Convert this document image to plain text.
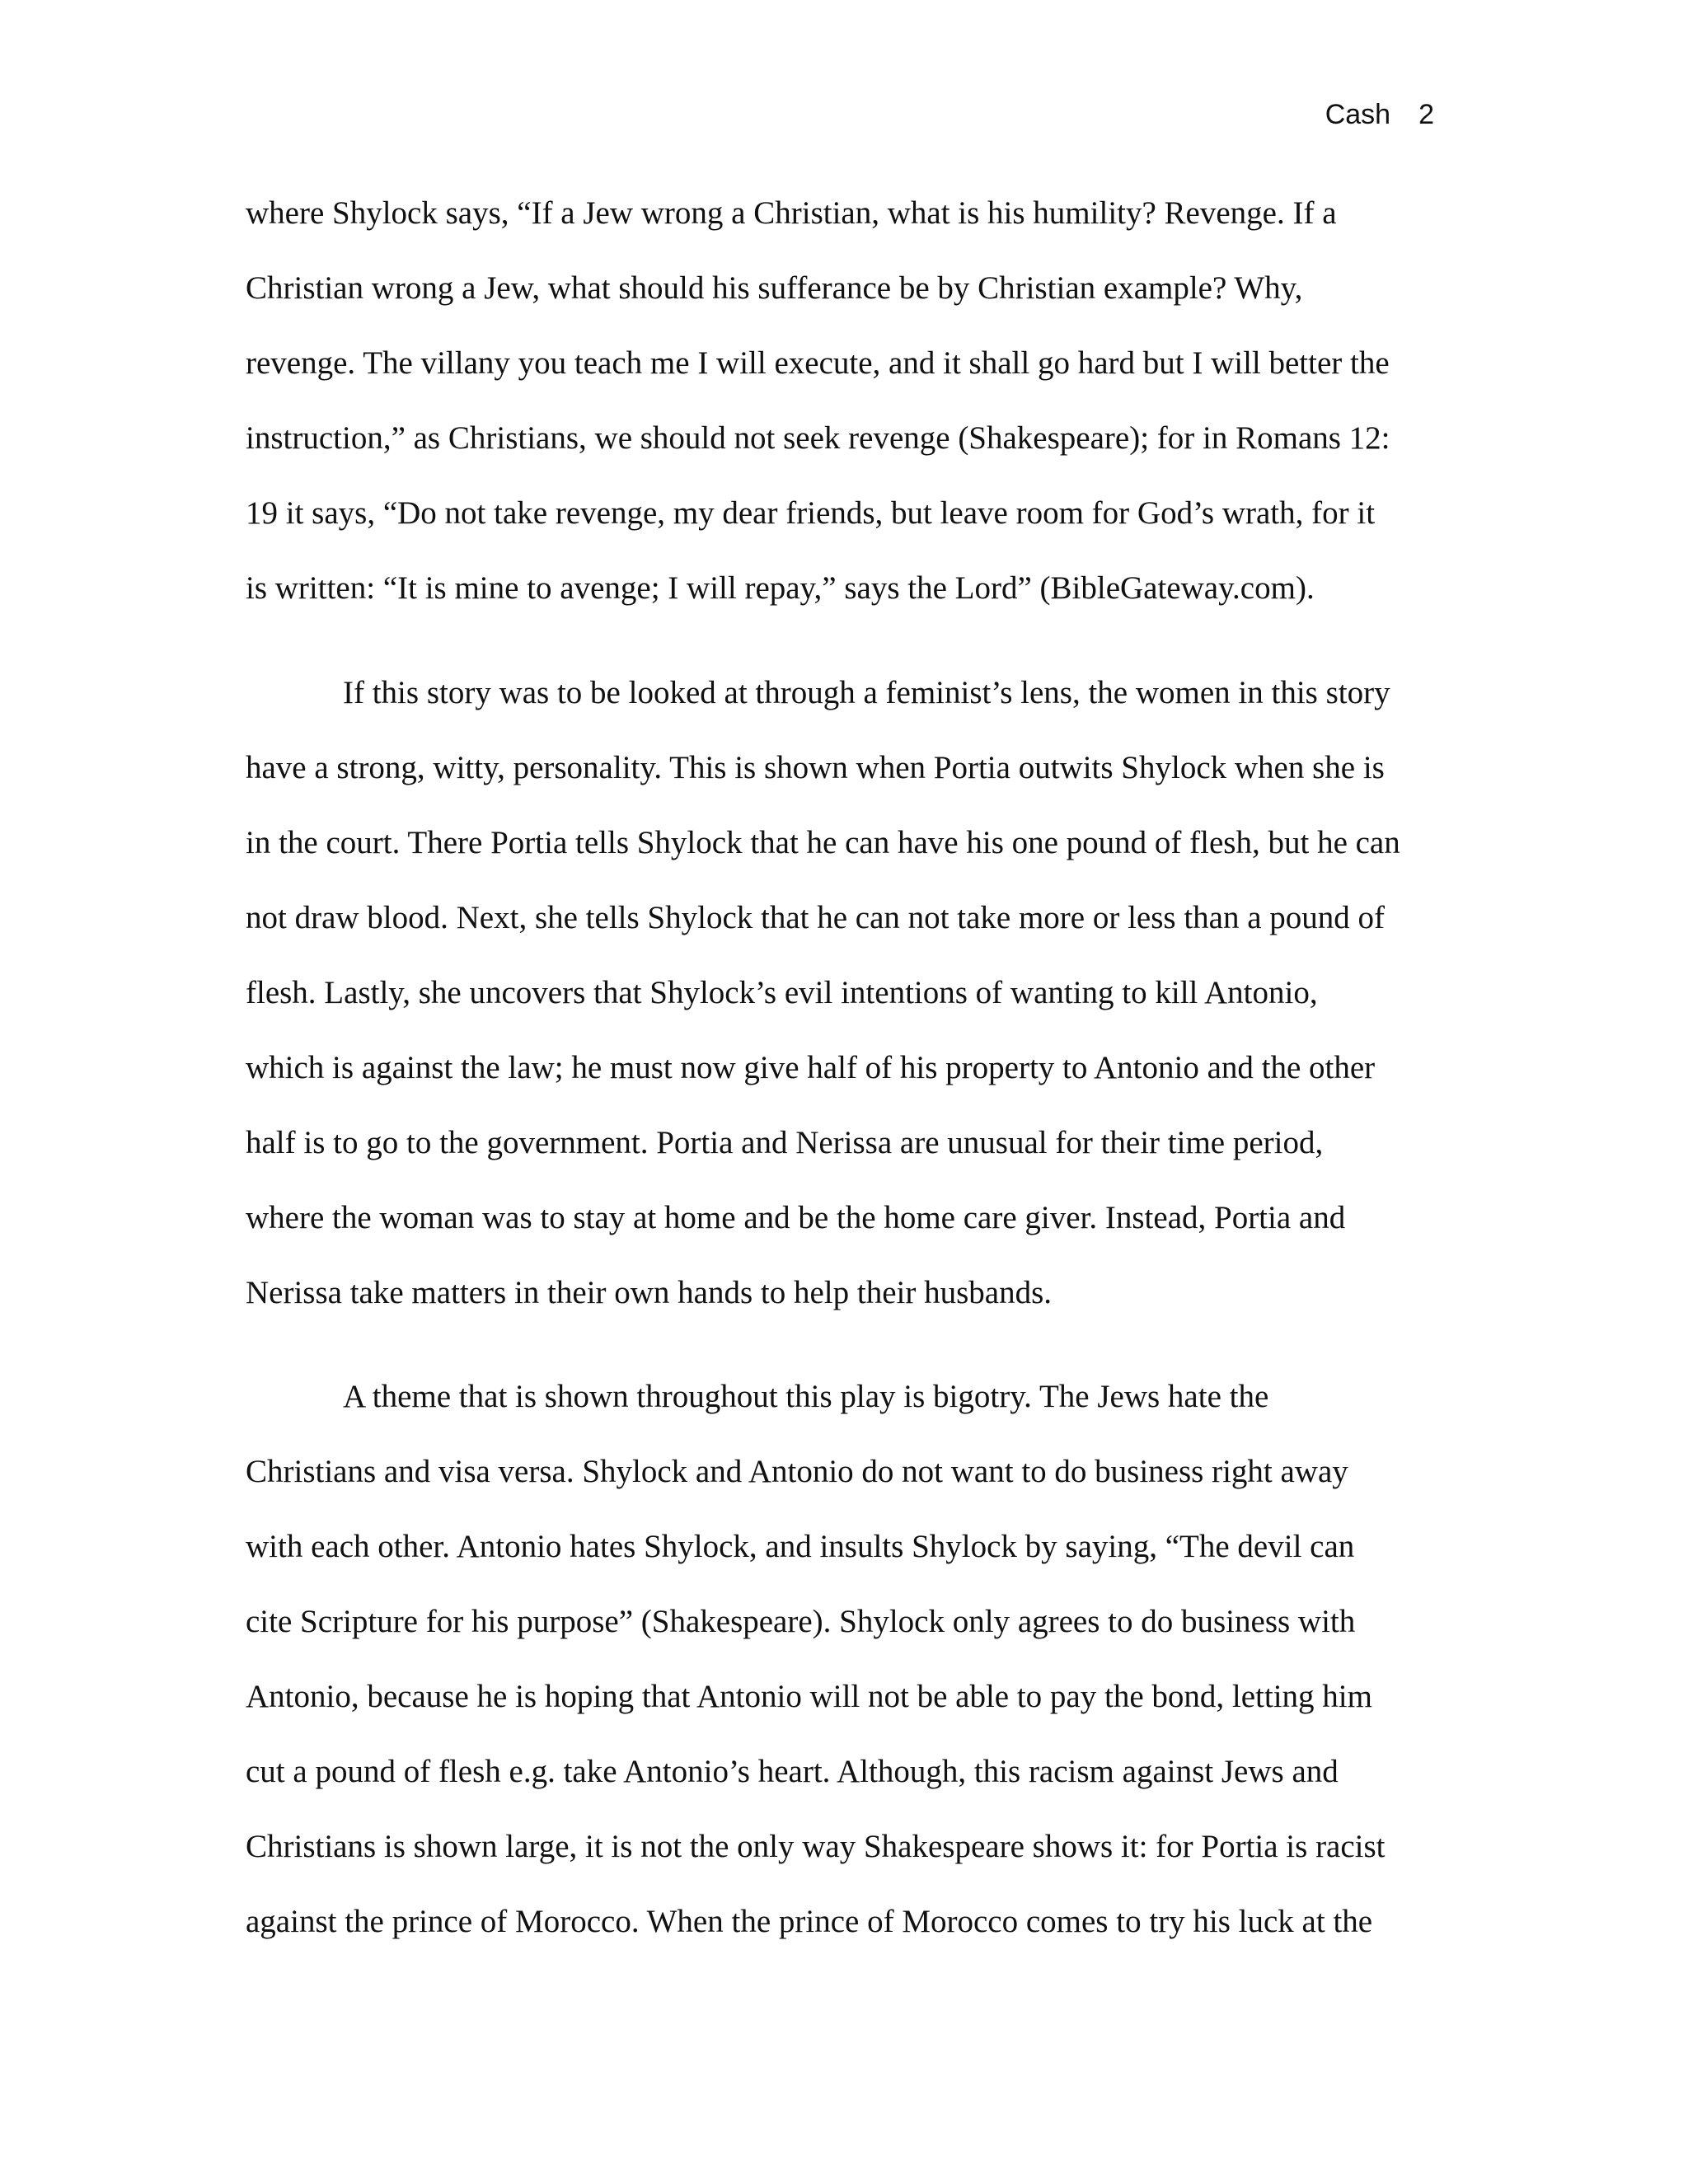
Cash 2
where Shylock says, “If a Jew wrong a Christian, what is his humility? Revenge. If a
Christian wrong a Jew, what should his sufferance be by Christian example? Why,
revenge. The villany you teach me I will execute, and it shall go hard but I will better the
instruction,” as Christians, we should not seek revenge (Shakespeare); for in Romans 12:
19 it says, “Do not take revenge, my dear friends, but leave room for God’s wrath, for it
is written: “It is mine to avenge; I will repay,” says the Lord” (BibleGateway.com).
If this story was to be looked at through a feminist’s lens, the women in this story
have a strong, witty, personality. This is shown when Portia outwits Shylock when she is
in the court. There Portia tells Shylock that he can have his one pound of flesh, but he can
not draw blood. Next, she tells Shylock that he can not take more or less than a pound of
flesh. Lastly, she uncovers that Shylock’s evil intentions of wanting to kill Antonio,
which is against the law; he must now give half of his property to Antonio and the other
half is to go to the government. Portia and Nerissa are unusual for their time period,
where the woman was to stay at home and be the home care giver. Instead, Portia and
Nerissa take matters in their own hands to help their husbands.
A theme that is shown throughout this play is bigotry. The Jews hate the
Christians and visa versa. Shylock and Antonio do not want to do business right away
with each other. Antonio hates Shylock, and insults Shylock by saying, “The devil can
cite Scripture for his purpose” (Shakespeare). Shylock only agrees to do business with
Antonio, because he is hoping that Antonio will not be able to pay the bond, letting him
cut a pound of flesh e.g. take Antonio’s heart. Although, this racism against Jews and
Christians is shown large, it is not the only way Shakespeare shows it: for Portia is racist
against the prince of Morocco. When the prince of Morocco comes to try his luck at the
